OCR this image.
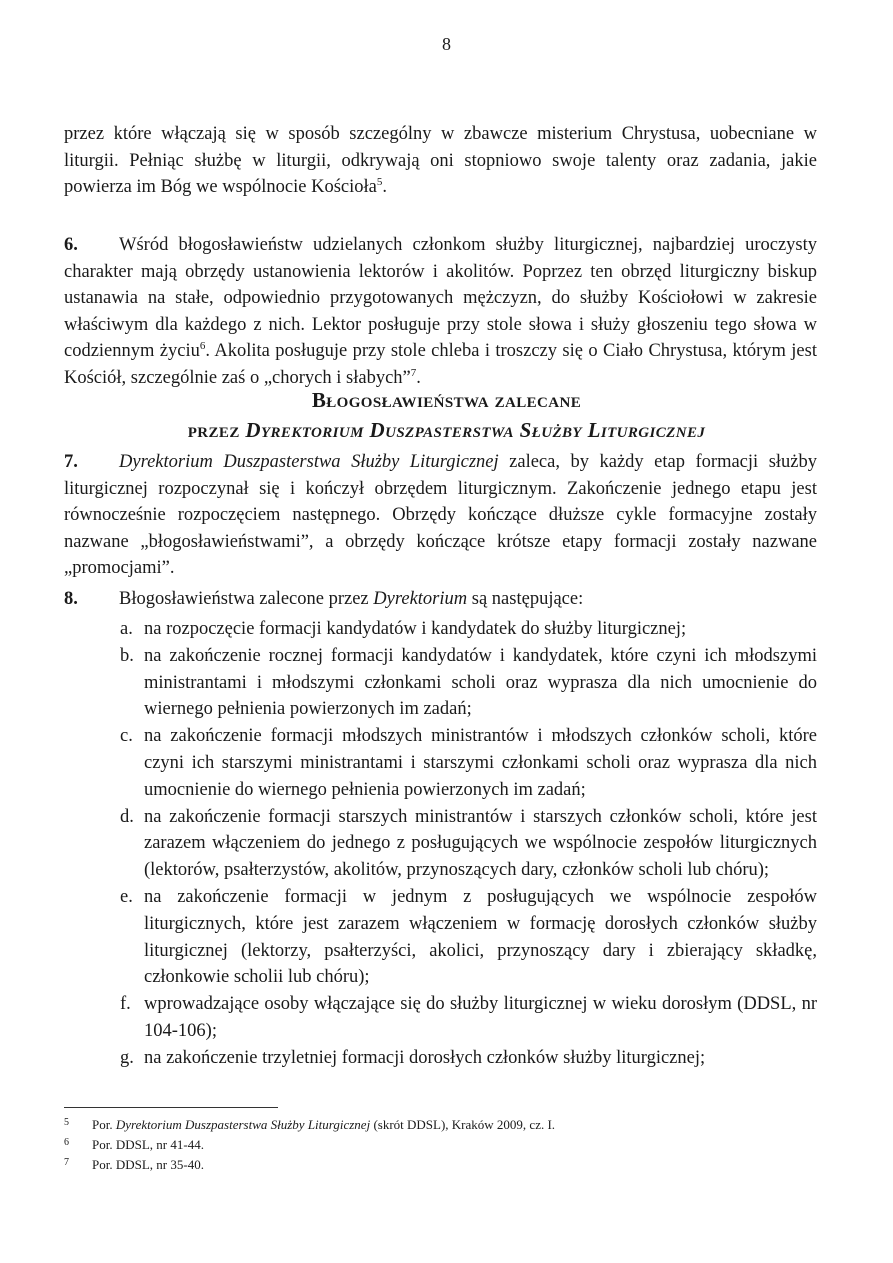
8

przez które włączają się w sposób szczególny w zbawcze misterium Chrystusa, uobecniane w liturgii. Pełniąc służbę w liturgii, odkrywają oni stopniowo swoje talenty oraz zadania, jakie powierza im Bóg we wspólnocie Kościoła$^5$.

6. Wśród błogosławieństw udzielanych członkom służby liturgicznej, najbardziej uroczysty charakter mają obrzędy ustanowienia lektorów i akolitów. Poprzez ten obrzęd liturgiczny biskup ustanawia na stałe, odpowiednio przygotowanych mężczyzn, do służby Kościołowi w zakresie właściwym dla każdego z nich. Lektor posługuje przy stole słowa i służy głoszeniu tego słowa w codziennym życiu$^6$. Akolita posługuje przy stole chleba i troszczy się o Ciało Chrystusa, którym jest Kościół, szczególnie zaś o „chorych i słabych”$^7$.

Błogosławieństwa zalecane
przez Dyrektorium Duszpasterstwa Służby Liturgicznej

7. Dyrektorium Duszpasterstwa Służby Liturgicznej zaleca, by każdy etap formacji służby liturgicznej rozpoczynał się i kończył obrzędem liturgicznym. Zakończenie jednego etapu jest równocześnie rozpoczęciem następnego. Obrzędy kończące dłuższe cykle formacyjne zostały nazwane „błogosławieństwami”, a obrzędy kończące krótsze etapy formacji zostały nazwane „promocjami”.

8. Błogosławieństwa zalecone przez Dyrektorium są następujące:

a. na rozpoczęcie formacji kandydatów i kandydatek do służby liturgicznej;

b. na zakończenie rocznej formacji kandydatów i kandydatek, które czyni ich młodszymi ministrantami i młodszymi członkami scholi oraz wyprasza dla nich umocnienie do wiernego pełnienia powierzonych im zadań;

c. na zakończenie formacji młodszych ministrantów i młodszych członków scholi, które czyni ich starszymi ministrantami i starszymi członkami scholi oraz wyprasza dla nich umocnienie do wiernego pełnienia powierzonych im zadań;

d. na zakończenie formacji starszych ministrantów i starszych członków scholi, które jest zarazem włączeniem do jednego z posługujących we wspólnocie zespołów liturgicznych (lektorów, psałterzystów, akolitów, przynoszących dary, członków scholi lub chóru);

e. na zakończenie formacji w jednym z posługujących we wspólnocie zespołów liturgicznych, które jest zarazem włączeniem w formację dorosłych członków służby liturgicznej (lektorzy, psałterzyści, akolici, przynoszący dary i zbierający składkę, członkowie scholii lub chóru);

f. wprowadzające osoby włączające się do służby liturgicznej w wieku dorosłym (DDSL, nr 104-106);

g. na zakończenie trzyletniej formacji dorosłych członków służby liturgicznej;

5 Por. Dyrektorium Duszpasterstwa Służby Liturgicznej (skrót DDSL), Kraków 2009, cz. I.

6 Por. DDSL, nr 41-44.

7 Por. DDSL, nr 35-40.
